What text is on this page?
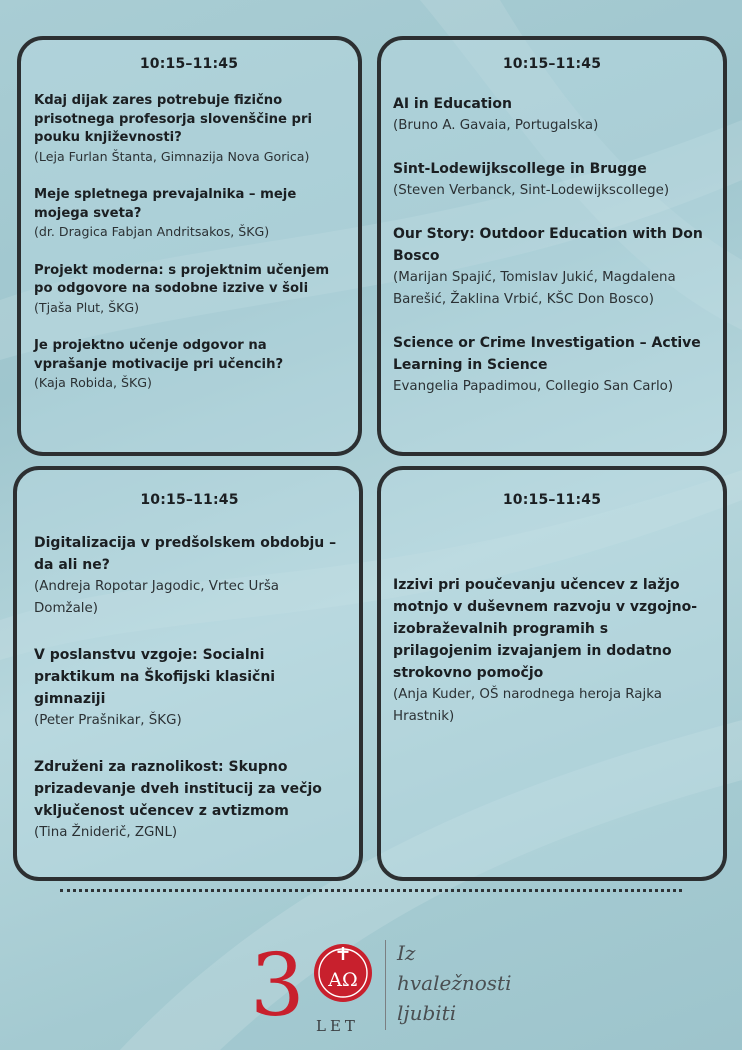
10:15–11:45
Kdaj dijak zares potrebuje fizično prisotnega profesorja slovenščine pri pouku književnosti?
(Leja Furlan Štanta, Gimnazija Nova Gorica)
Meje spletnega prevajalnika – meje mojega sveta?
(dr. Dragica Fabjan Andritsakos, ŠKG)
Projekt moderna: s projektnim učenjem po odgovore na sodobne izzive v šoli
(Tjaša Plut, ŠKG)
Je projektno učenje odgovor na vprašanje motivacije pri učencih?
(Kaja Robida, ŠKG)
10:15–11:45
AI in Education
(Bruno A. Gavaia, Portugalska)
Sint-Lodewijkscollege in Brugge
(Steven Verbanck, Sint-Lodewijkscollege)
Our Story: Outdoor Education with Don Bosco
(Marijan Spajić, Tomislav Jukić, Magdalena Barešić, Žaklina Vrbić, KŠC Don Bosco)
Science or Crime Investigation – Active Learning in Science
Evangelia Papadimou, Collegio San Carlo)
10:15–11:45
Digitalizacija v predšolskem obdobju – da ali ne?
(Andreja Ropotar Jagodic, Vrtec Urša Domžale)
V poslanstvu vzgoje: Socialni praktikum na Škofijski klasični gimnaziji
(Peter Prašnikar, ŠKG)
Združeni za raznolikost: Skupno prizadevanje dveh institucij za večjo vključenost učencev z avtizmom
(Tina Žniderič, ZGNL)
10:15–11:45
Izzivi pri poučevanju učencev z lažjo motnjo v duševnem razvoju v vzgojno-izobraževalnih programih s prilagojenim izvajanjem in dodatno strokovno pomočjo
(Anja Kuder, OŠ narodnega heroja Rajka Hrastnik)
3 AΩ
LET
Iz
hvaležnosti
ljubiti
